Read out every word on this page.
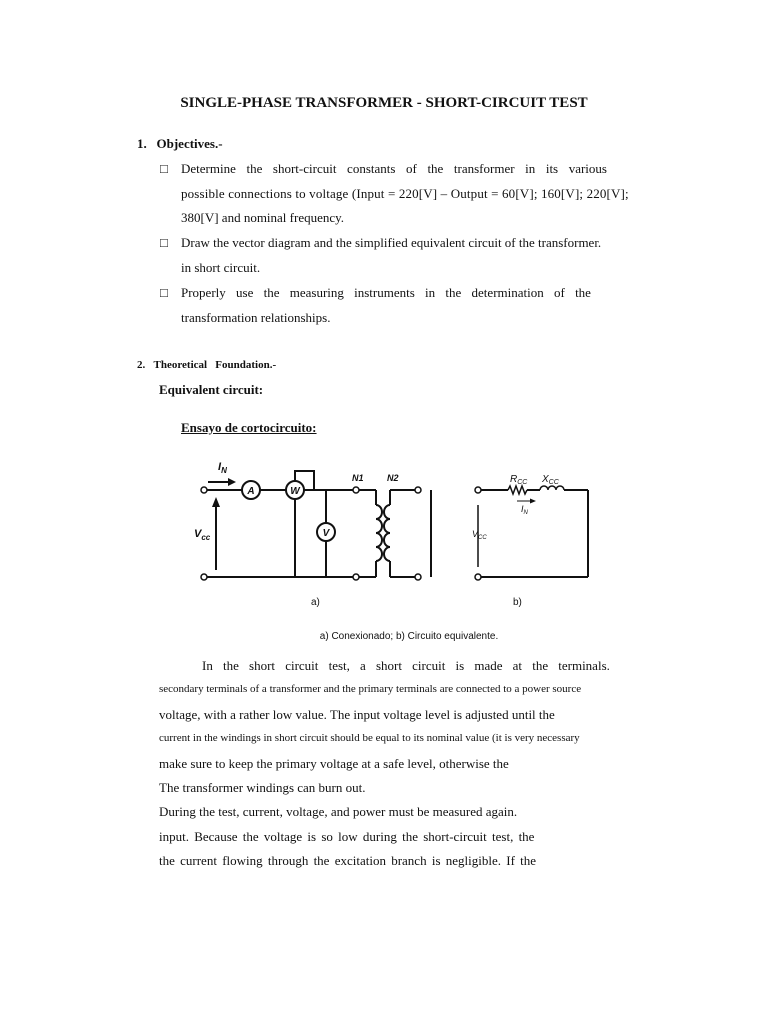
SINGLE-PHASE TRANSFORMER - SHORT-CIRCUIT TEST
1.   Objectives.-
□ Determine the short-circuit constants of the transformer in its various
possible connections to voltage (Input = 220[V] – Output = 60[V]; 160[V]; 220[V];
380[V] and nominal frequency.
□ Draw the vector diagram and the simplified equivalent circuit of the transformer.
in short circuit.
□ Properly use the measuring instruments in the determination of the
transformation relationships.
2.   Theoretical   Foundation.-
Equivalent circuit:
Ensayo de cortocircuito:
A	W
V
$I_N$
$V_{cc}$
N1	N2	$R_{CC}$ $X_{CC}$
$I_N$
$V_{CC}$
a)	b)
a) Conexionado; b) Circuito equivalente.
In the short circuit test, a short circuit is made at the terminals.
secondary terminals of a transformer and the primary terminals are connected to a power source
voltage, with a rather low value. The input voltage level is adjusted until the
current in the windings in short circuit should be equal to its nominal value (it is very necessary
make sure to keep the primary voltage at a safe level, otherwise the
The transformer windings can burn out.
During the test, current, voltage, and power must be measured again.
input. Because the voltage is so low during the short-circuit test, the
the current flowing through the excitation branch is negligible. If the
